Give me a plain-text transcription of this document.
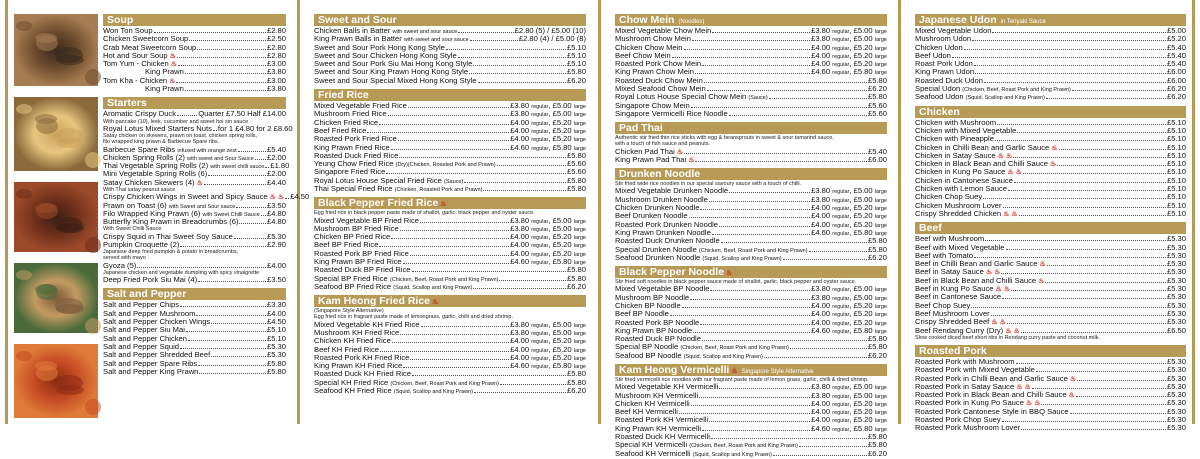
Soup
Won Ton Soup	£2.80
Chicken Sweetcorn Soup	£2.50
Crab Meat Sweetcorn Soup	£2.80
Hot and Sour Soup ♨	£2.80
Tom Yum - Chicken ♨	£3.00
King Prawn	£3.80
Tom Kha - Chicken ♨	£3.00
King Prawn	£3.80
Starters
Aromatic Crispy Duck	Quarter £7.50 Half £14.00
With pancake (10), leek, cucumber and sweet hoi sin sauce
Royal Lotus Mixed Starters Nuts for 1 £4.80 for 2 £8.60
Satay chicken on skewers, prawn on toast, chicken spring rolls,
filo wrapped king prawn & Barbecue Spare ribs.
Barbecue Spare Ribs infused with orange zest	£5.40
Chicken Spring Rolls (2) with sweet and Sour Sauce £2.00
Thai Vegetable Spring Rolls (2) with sweet chilli sauce £1.80
Mini Vegetable Spring Rolls (6)	£2.00
Satay Chicken Skewers (4) ♨	£4.40
With Thai satay peanut sauce
Crispy Chicken Wings in Sweet and Spicy Sauce ♨ ♨ £4.50
Prawn on Toast (6) with Sweet and Sour sauce	£3.50
Filo Wrapped King Prawn (6) with Sweet Chilli Sauce £4.80
Butterfly King Prawn in Breadcrumbs (6)	£4.80
With Sweet Chilli Sauce
Crispy Squid in Thai Sweet Soy Sauce	£5.30
Pumpkin Croquette (2)	£2.90
Japanese deep fried pumpkin & potato in breadcrumbs,
served with mayo
Gyoza (5)	£4.00
Japanese chicken and vegetable dumpling with spicy vinaigrette
Deep Fried Pork Siu Mai (4)	£3.50
Salt and Pepper
Salt and Pepper Chips	£3.30
Salt and Pepper Mushroom	£4.00
Salt and Pepper Chicken Wings	£4.50
Salt and Pepper Siu Mai	£5.10
Salt and Pepper Chicken	£5.10
Salt and Pepper Squid	£5.30
Salt and Pepper Shredded Beef	£5.30
Salt and Pepper Spare Ribs	£5.80
Salt and Pepper King Prawn	£5.80
Sweet and Sour
Chicken Balls in Batter with sweet and sour sauce	£2.80 (5) / £5.00 (10)
King Prawn Balls in Batter with sweet and sour sauce	£2.80 (4) / £5.00 (8)
Sweet and Sour Pork Hong Kong Style	£5.10
Sweet and Sour Chicken Hong Kong Style	£5.10
Sweet and Sour Pork Siu Mai Hong Kong Style	£5.10
Sweet and Sour King Prawn Hong Kong Style	£5.80
Sweet and Sour Special Mixed Hong Kong Style	£6.20
Fried Rice
Mixed Vegetable Fried Rice	£3.80 regular, £5.00 large
Mushroom Fried Rice	£3.80 regular, £5.00 large
Chicken Fried Rice	£4.00 regular, £5.20 large
Beef Fried Rice	£4.00 regular, £5.20 large
Roasted Pork Fried Rice	£4.00 regular, £5.20 large
King Prawn Fried Rice	£4.60 regular, £5.80 large
Roasted Duck Fried Rice	£5.80
Yeung Chow Fried Rice (Dry)(Chicken, Roasted Pork and Prawn)	£5.60
Singapore Fried Rice	£5.60
Royal Lotus House Special Fried Rice (Sauce)	£5.80
Thai Special Fried Rice (Chicken, Roasted Pork and Prawn)	£5.80
Black Pepper Fried Rice ♨
Egg fried rice in black pepper paste made of shallot, garlic, black pepper and oyster sauce.
Mixed Vegetable BP Fried Rice	£3.80 regular, £5.00 large
Mushroom BP Fried Rice	£3.80 regular, £5.00 large
Chicken BP Fried Rice	£4.00 regular, £5.20 large
Beef BP Fried Rice	£4.00 regular, £5.20 large
Roasted Pork BP Fried Rice	£4.00 regular, £5.20 large
King Prawn BP Fried Rice	£4.60 regular, £5.80 large
Roasted Duck BP Fried Rice	£5.80
Special BP Fried Rice (Chicken, Beef, Roast Pork and King Prawn)	£5.80
Seafood BP Fried Rice (Squid, Scallop and King Prawn)	£6.20
Kam Heong Fried Rice ♨
(Singapore Style Alternative)
Egg fried rice in fragrant paste made of lemongrass, garlic, chilli and dried shrimp.
Mixed Vegetable KH Fried Rice	£3.80 regular, £5.00 large
Mushroom KH Fried Rice	£3.80 regular, £5.00 large
Chicken KH Fried Rice	£4.00 regular, £5.20 large
Beef KH Fried Rice	£4.00 regular, £5.20 large
Roasted Pork KH Fried Rice	£4.00 regular, £5.20 large
King Prawn KH Fried Rice	£4.60 regular, £5.80 large
Roasted Duck KH Fried Rice	£5.80
Special KH Fried Rice (Chicken, Beef, Roast Pork and King Prawn)	£5.80
Seafood KH Fried Rice (Squid, Scallop and King Prawn)	£6.20
Chow Mein (Noodles)
Mixed Vegetable Chow Mein	£3.80 regular, £5.00 large
Mushroom Chow Mein	£3.80 regular, £5.00 large
Chicken Chow Mein	£4.00 regular, £5.20 large
Beef Chow Mein	£4.00 regular, £5.20 large
Roasted Pork Chow Mein	£4.00 regular, £5.20 large
King Prawn Chow Mein	£4.60 regular, £5.80 large
Roasted Duck Chow Mein	£5.80
Mixed Seafood Chow Mein	£6.20
Royal Lotus House Special Chow Mein (Sauce)	£5.80
Singapore Chow Mein	£5.60
Singapore Vermicelli Rice Noodle	£5.60
Pad Thai
Authentic stir fried thin rice sticks with egg & beansprouts in sweet & sour tamarind sauce,
with a touch of fish sauce and peanuts.
Chicken Pad Thai ♨	£5.40
King Prawn Pad Thai ♨	£6.00
Drunken Noodle
Stir fried wide rice noodles in our special savoury sauce with a touch of chilli.
Mixed Vegetable Drunken Noodle	£3.80 regular, £5.00 large
Mushroom Drunken Noodle	£3.80 regular, £5.00 large
Chicken Drunken Noodle	£4.00 regular, £5.20 large
Beef Drunken Noodle	£4.00 regular, £5.20 large
Roasted Pork Drunken Noodle	£4.00 regular, £5.20 large
King Prawn Drunken Noodle	£4.60 regular, £5.80 large
Roasted Duck Drunken Noodle	£5.80
Special Drunken Noodle (Chicken, Beef, Roast Pork and King Prawn)	£5.80
Seafood Drunken Noodle (Squid, Scallop and King Prawn)	£6.20
Black Pepper Noodle ♨
Stir fried soft noodles in black pepper sauce made of shallot, garlic, black pepper and oyster sauce.
Mixed Vegetable BP Noodle	£3.80 regular, £5.00 large
Mushroom BP Noodle	£3.80 regular, £5.00 large
Chicken BP Noodle	£4.00 regular, £5.20 large
Beef BP Noodle	£4.00 regular, £5.20 large
Roasted Pork BP Noodle	£4.00 regular, £5.20 large
King Prawn BP Noodle	£4.60 regular, £5.80 large
Roasted Duck BP Noodle	£5.80
Special BP Noodle (Chicken, Beef, Roast Pork and King Prawn)	£5.80
Seafood BP Noodle (Squid, Scallop and King Prawn)	£6.20
Kam Heong Vermicelli ♨ Singapore Style Alternative
Stir fried vermicelli rice noodles with our fragrant paste made of lemon grass, garlic, chilli & dried shrimp.
Mixed Vegetable KH Vermicelli	£3.80 regular, £5.00 large
Mushroom KH Vermicelli	£3.80 regular, £5.00 large
Chicken KH Vermicelli	£4.00 regular, £5.20 large
Beef KH Vermicelli	£4.00 regular, £5.20 large
Roasted Pork KH Vermicelli	£4.00 regular, £5.20 large
King Prawn KH Vermicelli	£4.60 regular, £5.80 large
Roasted Duck KH Vermicelli	£5.80
Special KH Vermicelli (Chicken, Beef, Roast Pork and King Prawn)	£5.80
Seafood KH Vermicelli (Squid, Scallop and King Prawn)	£6.20
Japanese Udon in Teriyaki Sauce
Mixed Vegetable Udon	£5.00
Mushroom Udon	£5.20
Chicken Udon	£5.40
Beef Udon	£5.40
Roast Pork Udon	£5.40
King Prawn Udon	£6.00
Roasted Duck Udon	£6.00
Special Udon (Chicken, Beef, Roast Pork and King Prawn)	£6.20
Seafood Udon (Squid, Scallop and King Prawn)	£6.20
Chicken
Chicken with Mushroom	£5.10
Chicken with Mixed Vegetable	£5.10
Chicken with Pineapple	£5.10
Chicken in Chilli Bean and Garlic Sauce ♨	£5.10
Chicken in Satay Sauce ♨ ♨	£5.10
Chicken in Black Bean and Chilli Sauce ♨	£5.10
Chicken in Kung Po Sauce ♨ ♨	£5.10
Chicken in Cantonese Sauce	£5.10
Chicken with Lemon Sauce	£5.10
Chicken Chop Suey	£5.10
Chicken Mushroom Lover	£5.10
Crispy Shredded Chicken ♨ ♨	£5.10
Beef
Beef with Mushroom	£5.30
Beef with Mixed Vegetable	£5.30
Beef with Tomato	£5.30
Beef in Chilli Bean and Garlic Sauce ♨	£5.30
Beef in Satay Sauce ♨ ♨	£5.30
Beef in Black Bean and Chilli Sauce ♨	£5.30
Beef in Kung Po Sauce ♨ ♨	£5.30
Beef in Cantonese Sauce	£5.30
Beef Chop Suey	£5.30
Beef Mushroom Lover	£5.30
Crispy Shredded Beef ♨ ♨	£5.30
Beef Rendang Curry (Dry) ♨ ♨	£6.50
Slow cooked diced beef short ribs in Rendang curry paste and coconut milk.
Roasted Pork
Roasted Pork with Mushroom	£5.30
Roasted Pork with Mixed Vegetable	£5.30
Roasted Pork in Chilli Bean and Garlic Sauce ♨	£5.30
Roasted Pork in Satay Sauce ♨ ♨	£5.30
Roasted Pork in Black Bean and Chilli Sauce ♨	£5.30
Roasted Pork in Kung Po Sauce ♨ ♨	£5.30
Roasted Pork Cantonese Style in BBQ Sauce	£5.30
Roasted Pork Chop Suey	£5.30
Roasted Pork Mushroom Lover	£5.30
